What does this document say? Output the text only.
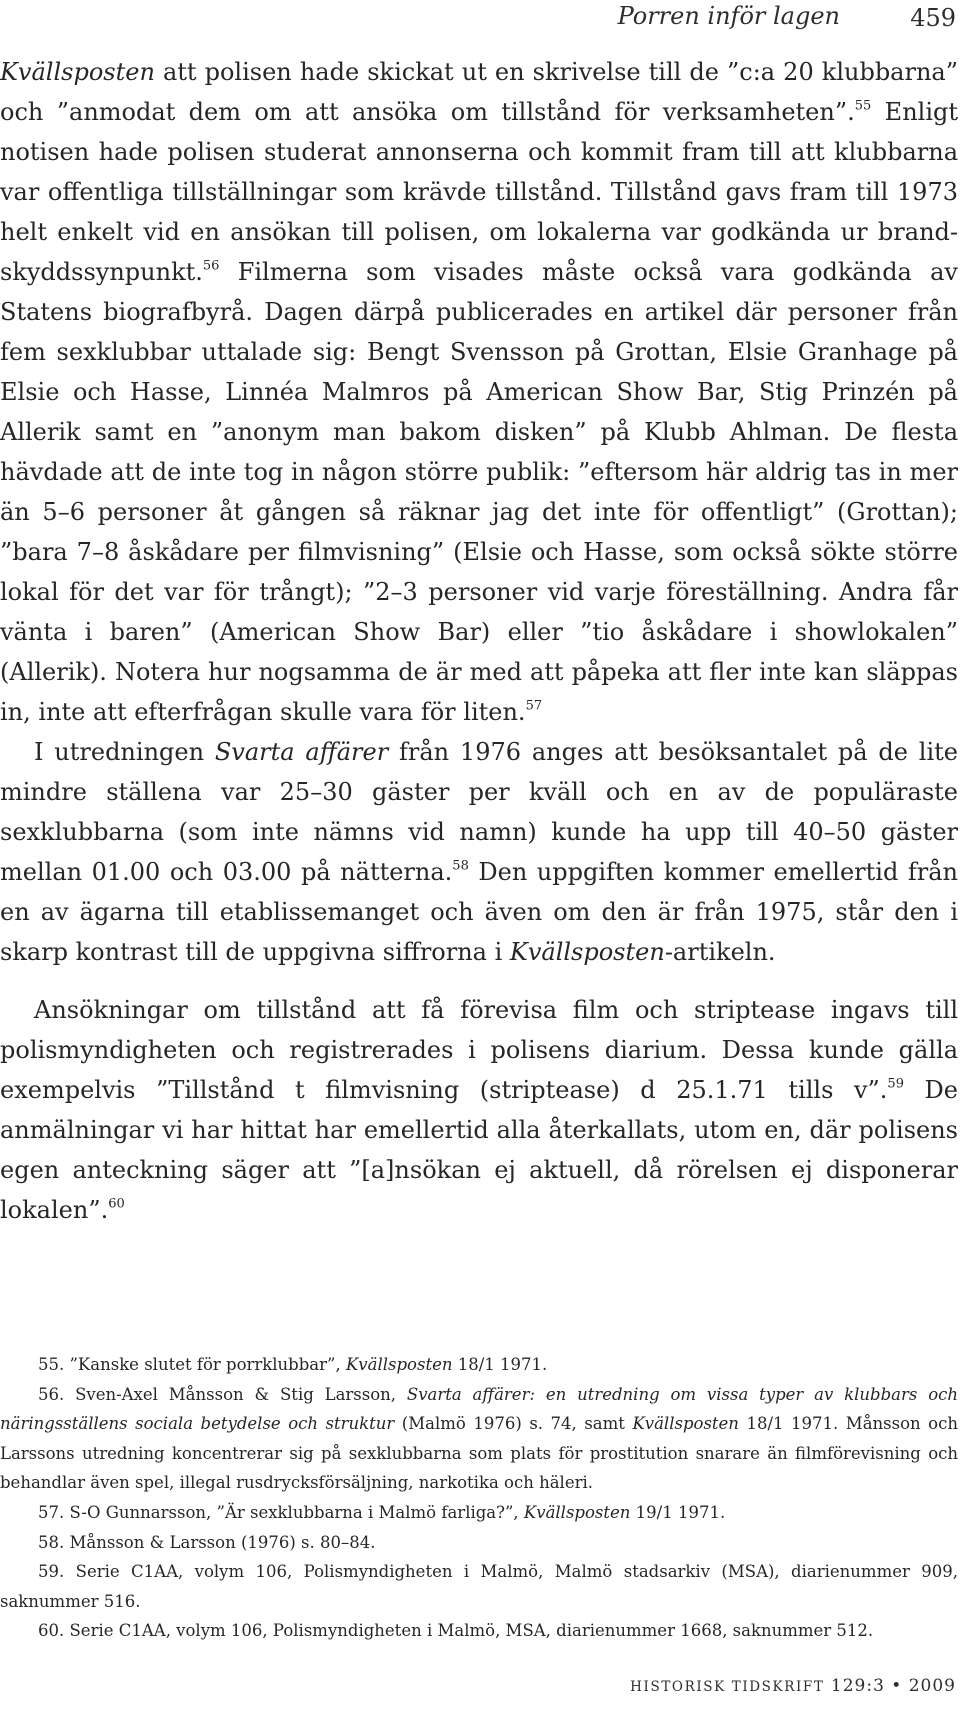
Porren inför lagen	459

Kvällsposten att polisen hade skickat ut en skrivelse till de ”c:a 20 klubbarna” och ”anmodat dem om att ansöka om tillstånd för verksamheten”.$^{55}$ Enligt notisen hade polisen studerat annonserna och kommit fram till att klubbarna var offentliga tillställningar som krävde tillstånd. Tillstånd gavs fram till 1973 helt enkelt vid en ansökan till polisen, om lokalerna var godkända ur brand-skyddssynpunkt.$^{56}$ Filmerna som visades måste också vara godkända av Statens biografbyrå. Dagen därpå publicerades en artikel där personer från fem sexklubbar uttalade sig: Bengt Svensson på Grottan, Elsie Granhage på Elsie och Hasse, Linnéa Malmros på American Show Bar, Stig Prinzén på Allerik samt en ”anonym man bakom disken” på Klubb Ahlman. De flesta hävdade att de inte tog in någon större publik: ”eftersom här aldrig tas in mer än 5–6 personer åt gången så räknar jag det inte för offentligt” (Grottan); ”bara 7–8 åskådare per filmvisning” (Elsie och Hasse, som också sökte större lokal för det var för trångt); ”2–3 personer vid varje föreställning. Andra får vänta i baren” (American Show Bar) eller ”tio åskådare i showlokalen” (Allerik). Notera hur nogsamma de är med att påpeka att fler inte kan släppas in, inte att efterfrågan skulle vara för liten.$^{57}$

I utredningen Svarta affärer från 1976 anges att besöksantalet på de lite mindre ställena var 25–30 gäster per kväll och en av de populäraste sexklubbarna (som inte nämns vid namn) kunde ha upp till 40–50 gäster mellan 01.00 och 03.00 på nätterna.$^{58}$ Den uppgiften kommer emellertid från en av ägarna till etablissemanget och även om den är från 1975, står den i skarp kontrast till de uppgivna siffrorna i Kvällsposten-artikeln.

Ansökningar om tillstånd att få förevisa film och striptease ingavs till polismyndigheten och registrerades i polisens diarium. Dessa kunde gälla exempelvis ”Tillstånd t filmvisning (striptease) d 25.1.71 tills v”.$^{59}$ De anmälningar vi har hittat har emellertid alla återkallats, utom en, där polisens egen anteckning säger att ”[a]nsökan ej aktuell, då rörelsen ej disponerar lokalen”.$^{60}$

55. ”Kanske slutet för porrklubbar”, Kvällsposten 18/1 1971.

56. Sven-Axel Månsson & Stig Larsson, Svarta affärer: en utredning om vissa typer av klubbars och näringsställens sociala betydelse och struktur (Malmö 1976) s. 74, samt Kvällsposten 18/1 1971. Månsson och Larssons utredning koncentrerar sig på sexklubbarna som plats för prostitution snarare än filmförevisning och behandlar även spel, illegal rusdrycksförsäljning, narkotika och häleri.

57. S-O Gunnarsson, ”Är sexklubbarna i Malmö farliga?”, Kvällsposten 19/1 1971.

58. Månsson & Larsson (1976) s. 80–84.

59. Serie C1AA, volym 106, Polismyndigheten i Malmö, Malmö stadsarkiv (MSA), diarienummer 909, saknummer 516.

60. Serie C1AA, volym 106, Polismyndigheten i Malmö, MSA, diarienummer 1668, saknummer 512.

HISTORISK TIDSKRIFT 129:3 • 2009
